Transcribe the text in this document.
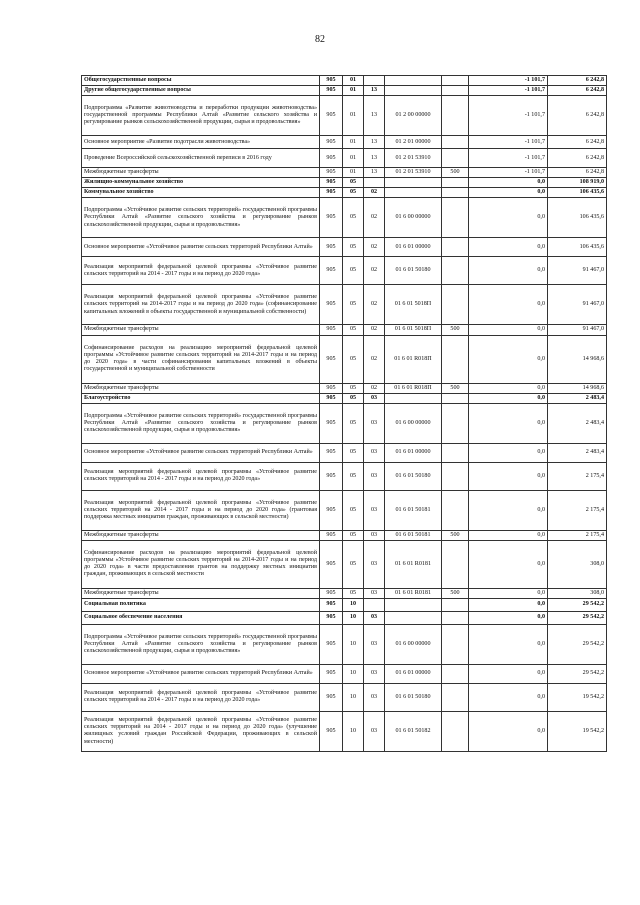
82
Общегосударственные вопросы	905	01				-1 101,7	6 242,8
Другие общегосударственные вопросы	905	01	13			-1 101,7	6 242,8
Подпрограмма «Развитие животноводства и переработки продукции животноводства» государственной программы Республики Алтай «Развитие сельского хозяйства и регулирование рынков сельскохозяйственной продукции, сырья и продовольствия»	905	01	13	01 2 00 00000		-1 101,7	6 242,8
Основное мероприятие «Развитие подотрасли животноводства»	905	01	13	01 2 01 00000		-1 101,7	6 242,8
Проведение Всероссийской сельскохозяйственной переписи в 2016 году	905	01	13	01 2 01 53910		-1 101,7	6 242,8
Межбюджетные трансферты	905	01	13	01 2 01 53910	500	-1 101,7	6 242,8
Жилищно-коммунальное хозяйство	905	05				0,0	108 919,0
Коммунальное хозяйство	905	05	02			0,0	106 435,6
Подпрограмма «Устойчивое развитие сельских территорий» государственной программы Республики Алтай «Развитие сельского хозяйства и регулирование рынков сельскохозяйственной продукции, сырья и продовольствия»	905	05	02	01 6 00 00000		0,0	106 435,6
Основное мероприятие «Устойчивое развитие сельских территорий Республики Алтай»	905	05	02	01 6 01 00000		0,0	106 435,6
Реализация мероприятий федеральной целевой программы «Устойчивое развитие сельских территорий на 2014 - 2017 годы и на период до 2020 года»	905	05	02	01 6 01 50180		0,0	91 467,0
Реализация мероприятий федеральной целевой программы «Устойчивое развитие сельских территорий на 2014-2017 годы и на период до 2020 года» (софинансирование капитальных вложений в объекты государственной и муниципальной собственности)	905	05	02	01 6 01 5018П		0,0	91 467,0
Межбюджетные трансферты	905	05	02	01 6 01 5018П	500	0,0	91 467,0
Софинансирование расходов на реализацию мероприятий федеральной целевой программы «Устойчивое развитие сельских территорий на 2014-2017 годы и на период до 2020 года» в части софинансирования капитальных вложений в объекты государственной и муниципальной собственности	905	05	02	01 6 01 R018П		0,0	14 968,6
Межбюджетные трансферты	905	05	02	01 6 01 R018П	500	0,0	14 968,6
Благоустройство	905	05	03			0,0	2 483,4
Подпрограмма «Устойчивое развитие сельских территорий» государственной программы Республики Алтай «Развитие сельского хозяйства и регулирование рынков сельскохозяйственной продукции, сырья и продовольствия»	905	05	03	01 6 00 00000		0,0	2 483,4
Основное мероприятие «Устойчивое развитие сельских территорий Республики Алтай»	905	05	03	01 6 01 00000		0,0	2 483,4
Реализация мероприятий федеральной целевой программы «Устойчивое развитие сельских территорий на 2014 - 2017 годы и на период до 2020 года»	905	05	03	01 6 01 50180		0,0	2 175,4
Реализация мероприятий федеральной целевой программы «Устойчивое развитие сельских территорий на 2014 - 2017 годы и на период до 2020 года» (грантовая поддержка местных инициатив граждан, проживающих в сельской местности)	905	05	03	01 6 01 50181		0,0	2 175,4
Межбюджетные трансферты	905	05	03	01 6 01 50181	500	0,0	2 175,4
Софинансирование расходов на реализацию мероприятий федеральной целевой программы «Устойчивое развитие сельских территорий на 2014-2017 годы и на период до 2020 года» в части предоставления грантов на поддержку местных инициатив граждан, проживающих в сельской местности	905	05	03	01 6 01 R0181		0,0	308,0
Межбюджетные трансферты	905	05	03	01 6 01 R0181	500	0,0	308,0
Социальная политика	905	10				0,0	29 542,2
Социальное обеспечение населения	905	10	03			0,0	29 542,2
Подпрограмма «Устойчивое развитие сельских территорий» государственной программы Республики Алтай «Развитие сельского хозяйства и регулирование рынков сельскохозяйственной продукции, сырья и продовольствия»	905	10	03	01 6 00 00000		0,0	29 542,2
Основное мероприятие «Устойчивое развитие сельских территорий Республики Алтай»	905	10	03	01 6 01 00000		0,0	29 542,2
Реализация мероприятий федеральной целевой программы «Устойчивое развитие сельских территорий на 2014 - 2017 годы и на период до 2020 года»	905	10	03	01 6 01 50180		0,0	19 542,2
Реализация мероприятий федеральной целевой программы «Устойчивое развитие сельских территорий на 2014 - 2017 годы и на период до 2020 года» (улучшение жилищных условий граждан Российской Федерации, проживающих в сельской местности)	905	10	03	01 6 01 50182		0,0	19 542,2
